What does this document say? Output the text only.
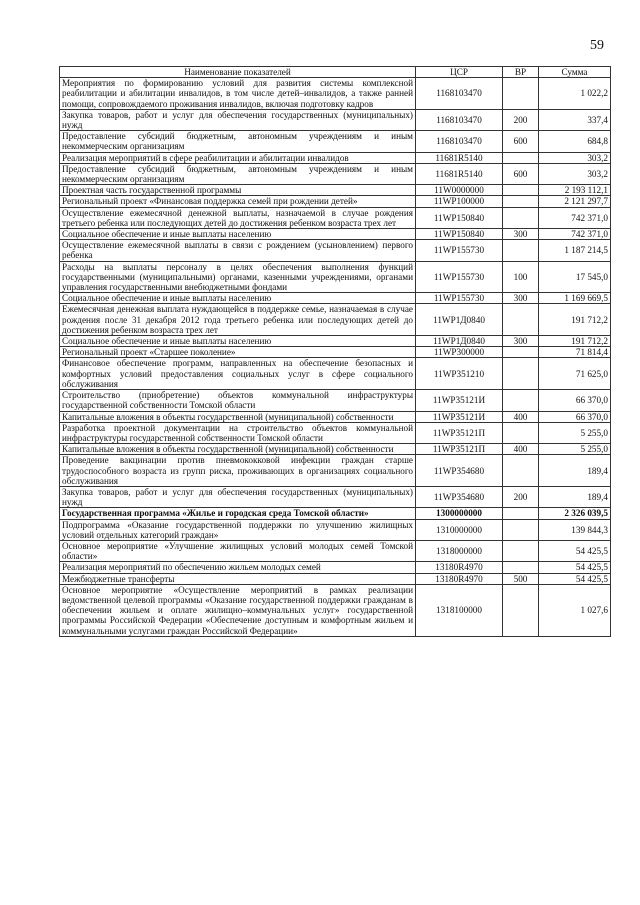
59
Наименование показателей	ЦСР	ВР	Сумма
Мероприятия по формированию условий для развития системы комплексной реабилитации и абилитации инвалидов, в том числе детей–инвалидов, а также ранней помощи, сопровождаемого проживания инвалидов, включая подготовку кадров	1168103470		1 022,2
Закупка товаров, работ и услуг для обеспечения государственных (муниципальных) нужд	1168103470	200	337,4
Предоставление субсидий бюджетным, автономным учреждениям и иным некоммерческим организациям	1168103470	600	684,8
Реализация мероприятий в сфере реабилитации и абилитации инвалидов	11681R5140		303,2
Предоставление субсидий бюджетным, автономным учреждениям и иным некоммерческим организациям	11681R5140	600	303,2
Проектная часть государственной программы	11W0000000		2 193 112,1
Региональный проект «Финансовая поддержка семей при рождении детей»	11WP100000		2 121 297,7
Осуществление ежемесячной денежной выплаты, назначаемой в случае рождения третьего ребенка или последующих детей до достижения ребенком возраста трех лет	11WP150840		742 371,0
Социальное обеспечение и иные выплаты населению	11WP150840	300	742 371,0
Осуществление ежемесячной выплаты в связи с рождением (усыновлением) первого ребенка	11WP155730		1 187 214,5
Расходы на выплаты персоналу в целях обеспечения выполнения функций государственными (муниципальными) органами, казенными учреждениями, органами управления государственными внебюджетными фондами	11WP155730	100	17 545,0
Социальное обеспечение и иные выплаты населению	11WP155730	300	1 169 669,5
Ежемесячная денежная выплата нуждающейся в поддержке семье, назначаемая в случае рождения после 31 декабря 2012 года третьего ребенка или последующих детей до достижения ребенком возраста трех лет	11WP1Д0840		191 712,2
Социальное обеспечение и иные выплаты населению	11WP1Д0840	300	191 712,2
Региональный проект «Старшее поколение»	11WP300000		71 814,4
Финансовое обеспечение программ, направленных на обеспечение безопасных и комфортных условий предоставления социальных услуг в сфере социального обслуживания	11WP351210		71 625,0
Строительство (приобретение) объектов коммунальной инфраструктуры государственной собственности Томской области	11WP35121И		66 370,0
Капитальные вложения в объекты государственной (муниципальной) собственности	11WP35121И	400	66 370,0
Разработка проектной документации на строительство объектов коммунальной инфраструктуры государственной собственности Томской области	11WP35121П		5 255,0
Капитальные вложения в объекты государственной (муниципальной) собственности	11WP35121П	400	5 255,0
Проведение вакцинации против пневмококковой инфекции граждан старше трудоспособного возраста из групп риска, проживающих в организациях социального обслуживания	11WP354680		189,4
Закупка товаров, работ и услуг для обеспечения государственных (муниципальных) нужд	11WP354680	200	189,4
Государственная программа «Жилье и городская среда Томской области»	1300000000		2 326 039,5
Подпрограмма «Оказание государственной поддержки по улучшению жилищных условий отдельных категорий граждан»	1310000000		139 844,3
Основное мероприятие «Улучшение жилищных условий молодых семей Томской области»	1318000000		54 425,5
Реализация мероприятий по обеспечению жильем молодых семей	13180R4970		54 425,5
Межбюджетные трансферты	13180R4970	500	54 425,5
Основное мероприятие «Осуществление мероприятий в рамках реализации ведомственной целевой программы «Оказание государственной поддержки гражданам в обеспечении жильем и оплате жилищно–коммунальных услуг» государственной программы Российской Федерации «Обеспечение доступным и комфортным жильем и коммунальными услугами граждан Российской Федерации»	1318100000		1 027,6
